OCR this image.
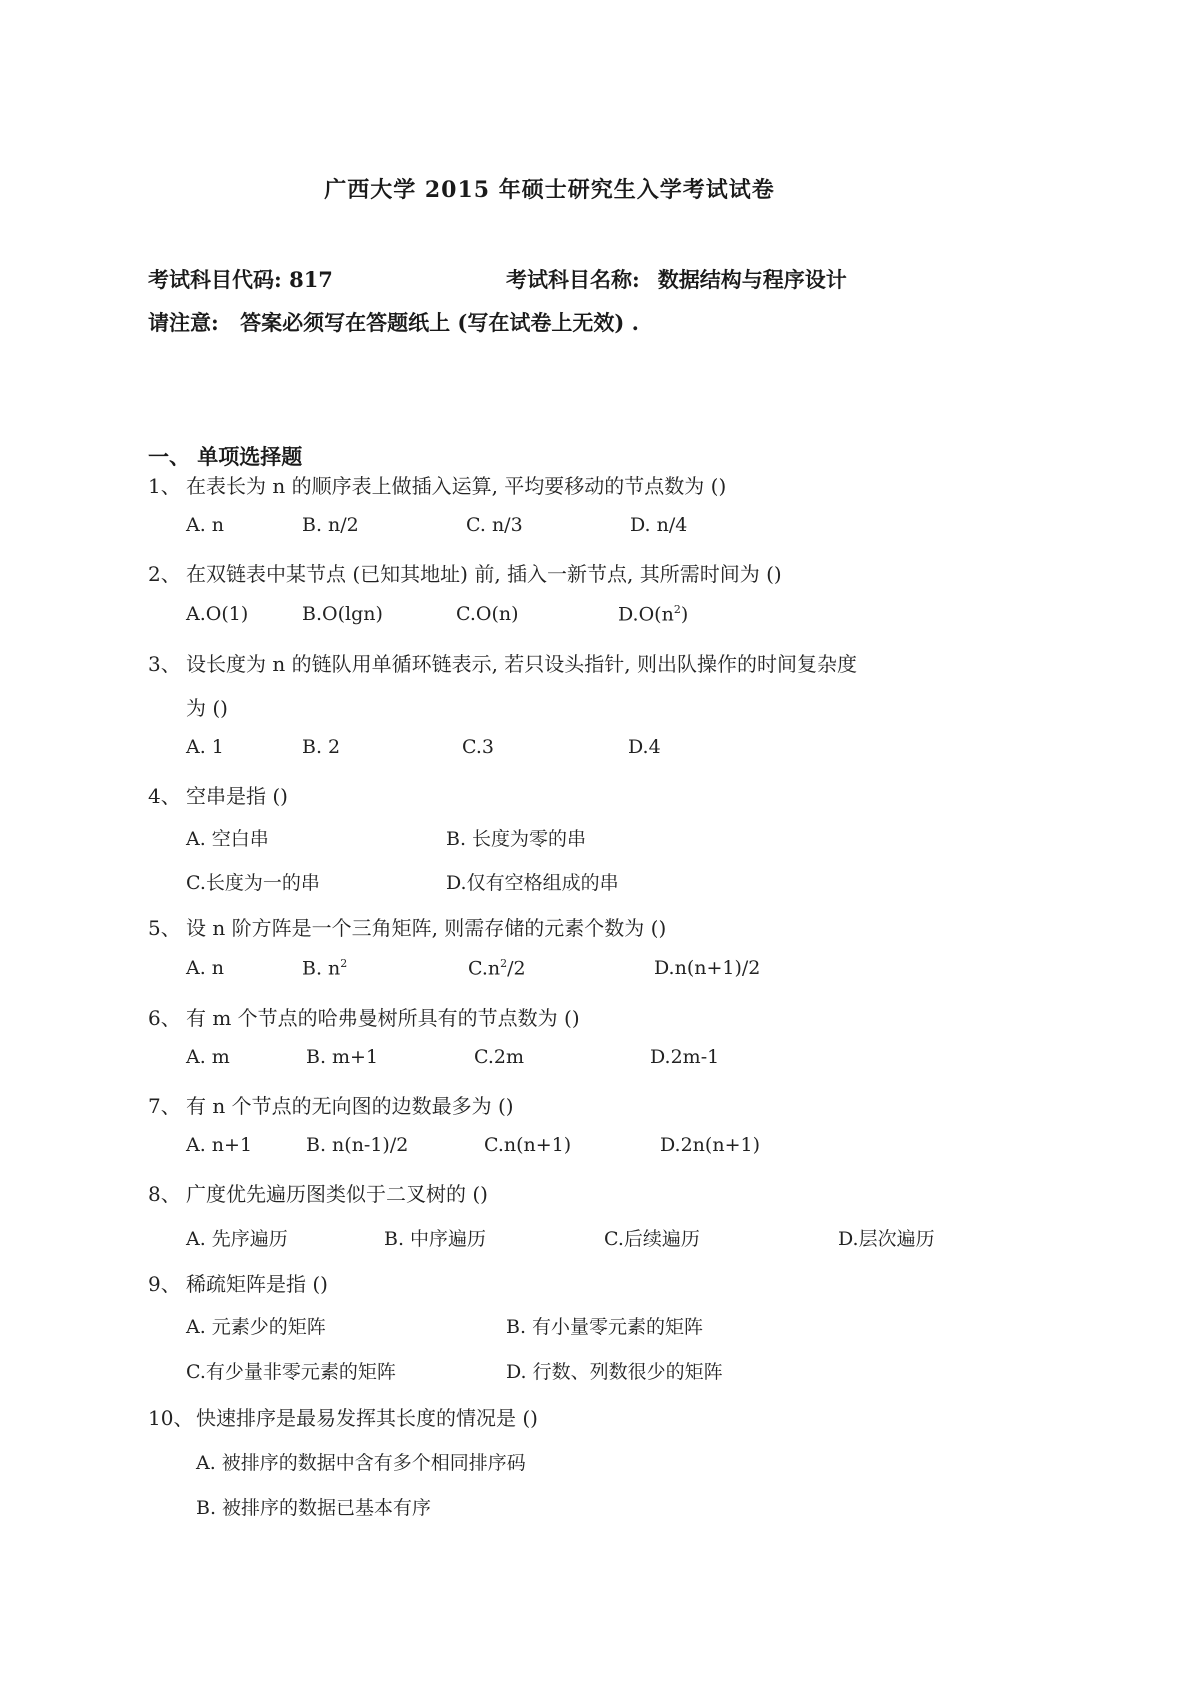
广西大学 2015 年硕士研究生入学考试试卷
考试科目代码: 817	考试科目名称: 数据结构与程序设计
请注意: 答案必须写在答题纸上 (写在试卷上无效) .
一、 单项选择题
1、 在表长为 n 的顺序表上做插入运算, 平均要移动的节点数为 ()
A. n	B. n/2	C. n/3	D. n/4
2、 在双链表中某节点 (已知其地址) 前, 插入一新节点, 其所需时间为 ()
A.O(1)	B.O(lgn)	C.O(n)	$D.O(n^2)$
3、 设长度为 n 的链队用单循环链表示, 若只设头指针, 则出队操作的时间复杂度
为 ()
A. 1	B. 2	C.3	D.4
4、 空串是指 ()
A. 空白串	B. 长度为零的串
C.长度为一的串	D.仅有空格组成的串
5、 设 n 阶方阵是一个三角矩阵, 则需存储的元素个数为 ()
A. n	B. $n^2$	$C.n^2/2$	D.n(n+1)/2
6、 有 m 个节点的哈弗曼树所具有的节点数为 ()
A. m	B. m+1	C.2m	D.2m-1
7、 有 n 个节点的无向图的边数最多为 ()
A. n+1	B. n(n-1)/2	C.n(n+1)	D.2n(n+1)
8、 广度优先遍历图类似于二叉树的 ()
A. 先序遍历	B. 中序遍历	C.后续遍历	D.层次遍历
9、 稀疏矩阵是指 ()
A. 元素少的矩阵	B. 有小量零元素的矩阵
C.有少量非零元素的矩阵	D. 行数、列数很少的矩阵
10、 快速排序是最易发挥其长度的情况是 ()
A. 被排序的数据中含有多个相同排序码
B. 被排序的数据已基本有序
